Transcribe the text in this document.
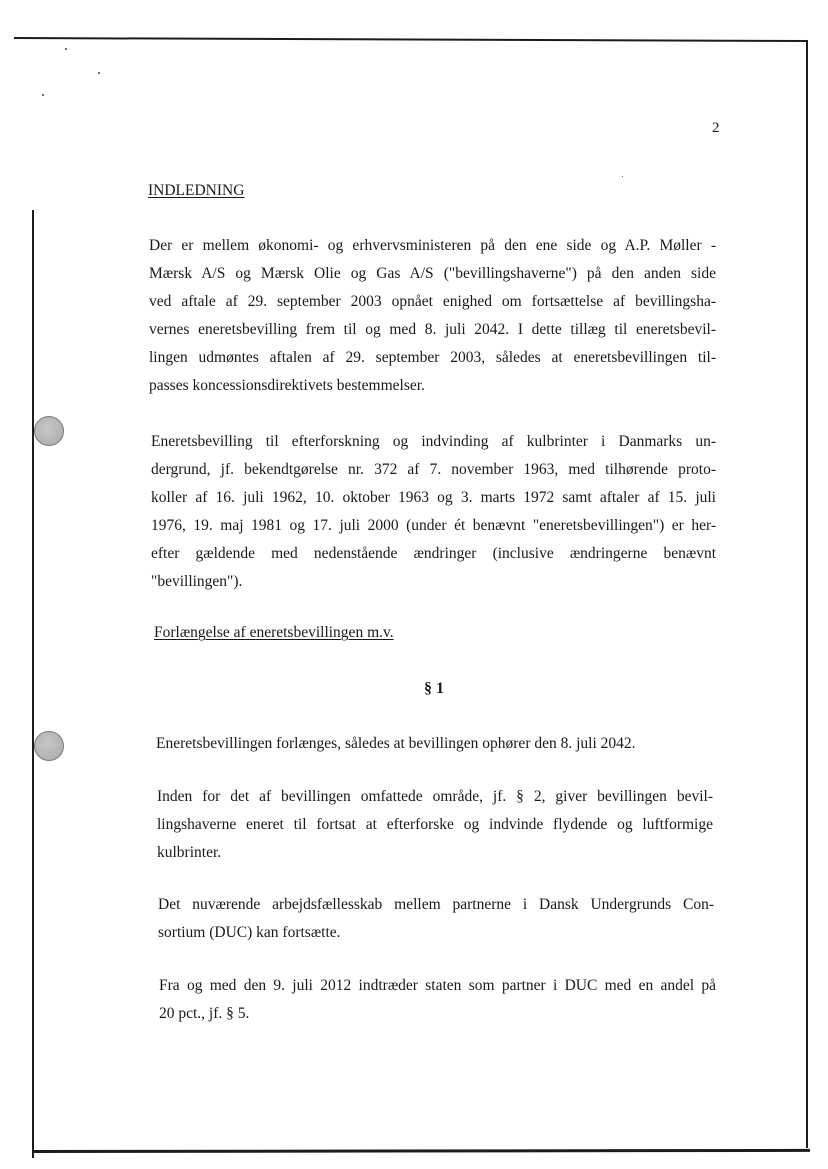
2
INDLEDNING
Der er mellem økonomi- og erhvervsministeren på den ene side og A.P. Møller -
Mærsk A/S og Mærsk Olie og Gas A/S ("bevillingshaverne") på den anden side
ved aftale af 29. september 2003 opnået enighed om fortsættelse af bevillingsha-
vernes eneretsbevilling frem til og med 8. juli 2042. I dette tillæg til eneretsbevil-
lingen udmøntes aftalen af 29. september 2003, således at eneretsbevillingen til-
passes koncessionsdirektivets bestemmelser.
Eneretsbevilling til efterforskning og indvinding af kulbrinter i Danmarks un-
dergrund, jf. bekendtgørelse nr. 372 af 7. november 1963, med tilhørende proto-
koller af 16. juli 1962, 10. oktober 1963 og 3. marts 1972 samt aftaler af 15. juli
1976, 19. maj 1981 og 17. juli 2000 (under ét benævnt "eneretsbevillingen") er her-
efter gældende med nedenstående ændringer (inclusive ændringerne benævnt
"bevillingen").
Forlængelse af eneretsbevillingen m.v.
§ 1
Eneretsbevillingen forlænges, således at bevillingen ophører den 8. juli 2042.
Inden for det af bevillingen omfattede område, jf. § 2, giver bevillingen bevil-
lingshaverne eneret til fortsat at efterforske og indvinde flydende og luftformige
kulbrinter.
Det nuværende arbejdsfællesskab mellem partnerne i Dansk Undergrunds Con-
sortium (DUC) kan fortsætte.
Fra og med den 9. juli 2012 indtræder staten som partner i DUC med en andel på
20 pct., jf. § 5.
